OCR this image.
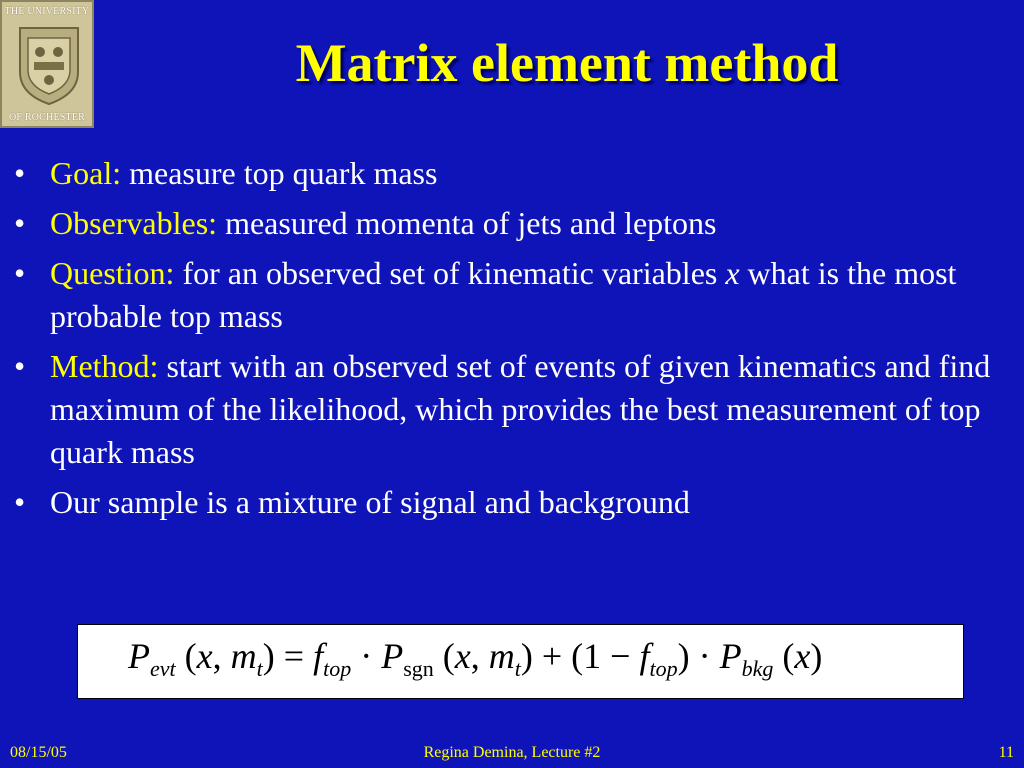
THE UNIVERSITY
OF ROCHESTER
Matrix element method
• Goal: measure top quark mass
• Observables: measured momenta of jets and leptons
• Question: for an observed set of kinematic variables x what is the most probable top mass
• Method: start with an observed set of events of given kinematics and find maximum of the likelihood, which provides the best measurement of top quark mass
• Our sample is a mixture of signal and background
$P_{evt}$ (x, $m_t) = f_{top} \cdot P_{sgn}$ (x, $m_t) + (1 - f_{top}) \cdot P_{bkg}$ (x)
08/15/05	Regina Demina, Lecture #2	11
